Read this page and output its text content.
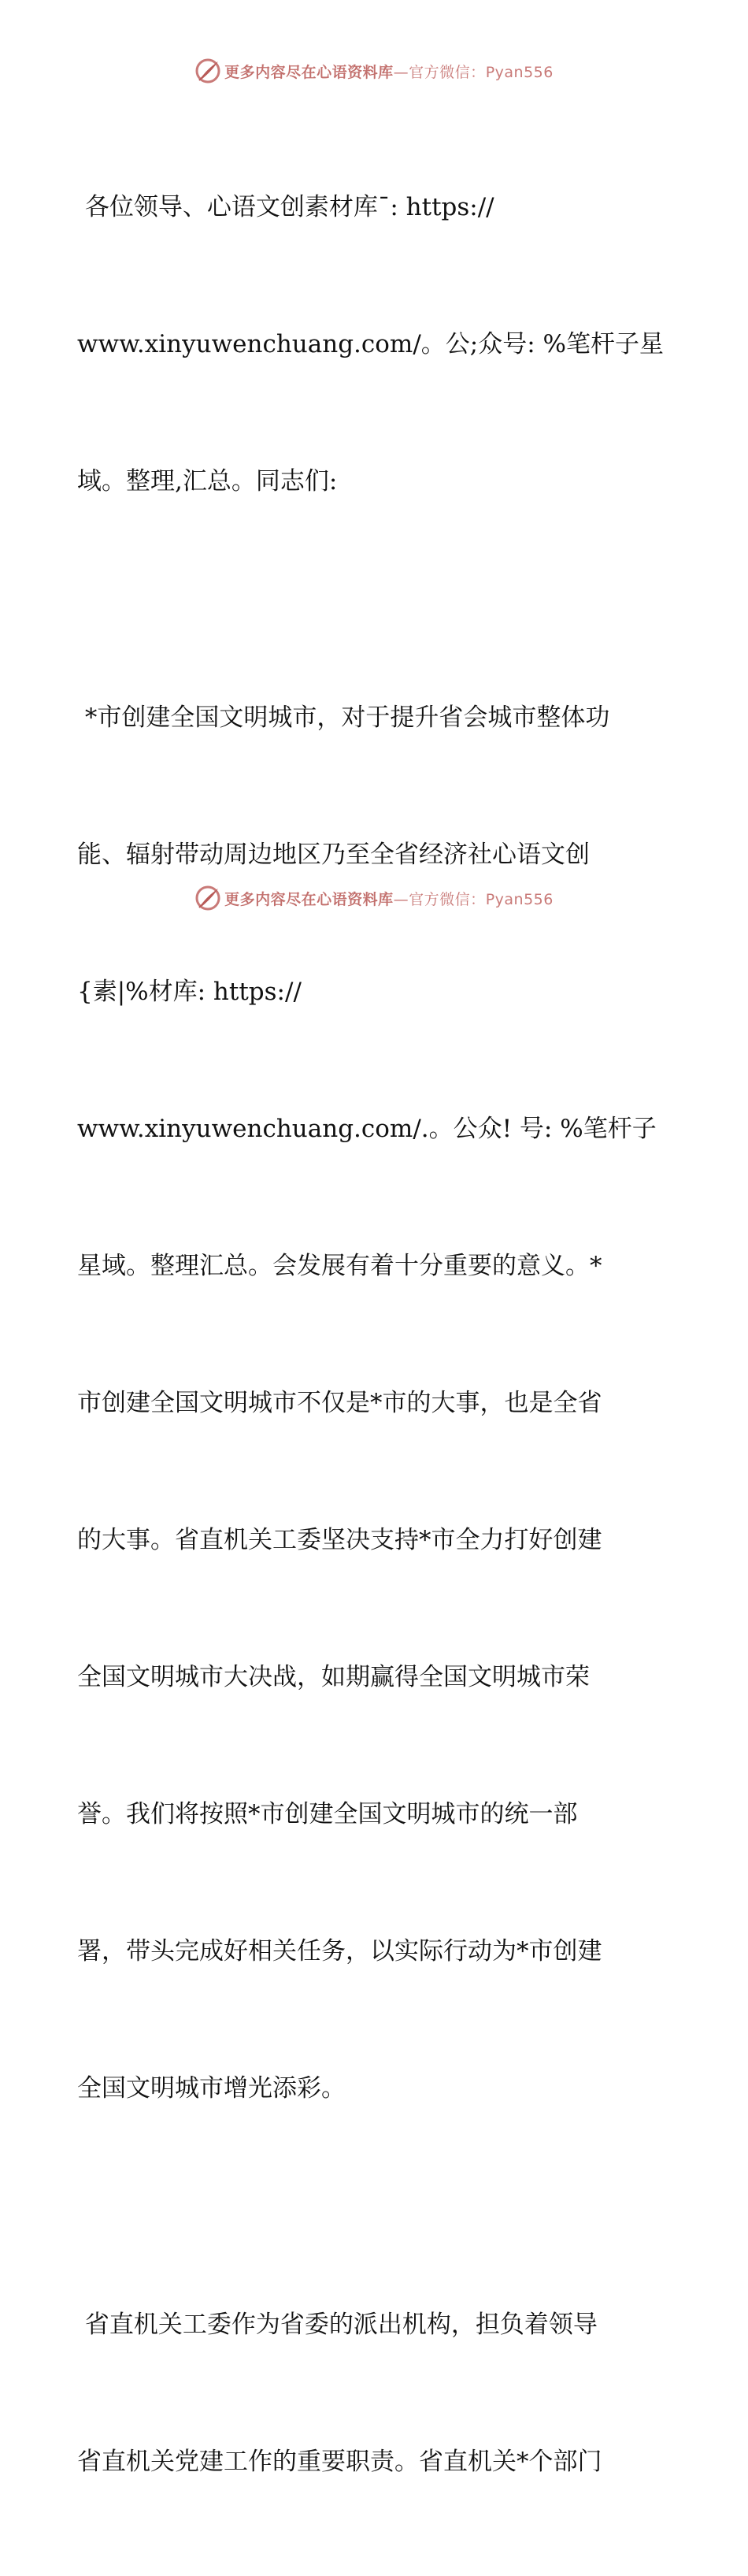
更多内容尽在心语资料库—官方微信：Pyan556

各位领导、心语文创素材库¯: https://

www.xinyuwenchuang.com/。公;众号: %笔杆子星

域。整理,汇总。同志们:

*市创建全国文明城市，对于提升省会城市整体功

能、辐射带动周边地区乃至全省经济社心语文创

{素|%材库: https://

www.xinyuwenchuang.com/.。公众! 号: %笔杆子

星域。整理汇总。会发展有着十分重要的意义。*

市创建全国文明城市不仅是*市的大事，也是全省

的大事。省直机关工委坚决支持*市全力打好创建

全国文明城市大决战，如期赢得全国文明城市荣

誉。我们将按照*市创建全国文明城市的统一部

署，带头完成好相关任务，以实际行动为*市创建

全国文明城市增光添彩。

省直机关工委作为省委的派出机构，担负着领导

省直机关党建工作的重要职责。省直机关*个部门

更多内容尽在心语资料库—官方微信：Pyan556
